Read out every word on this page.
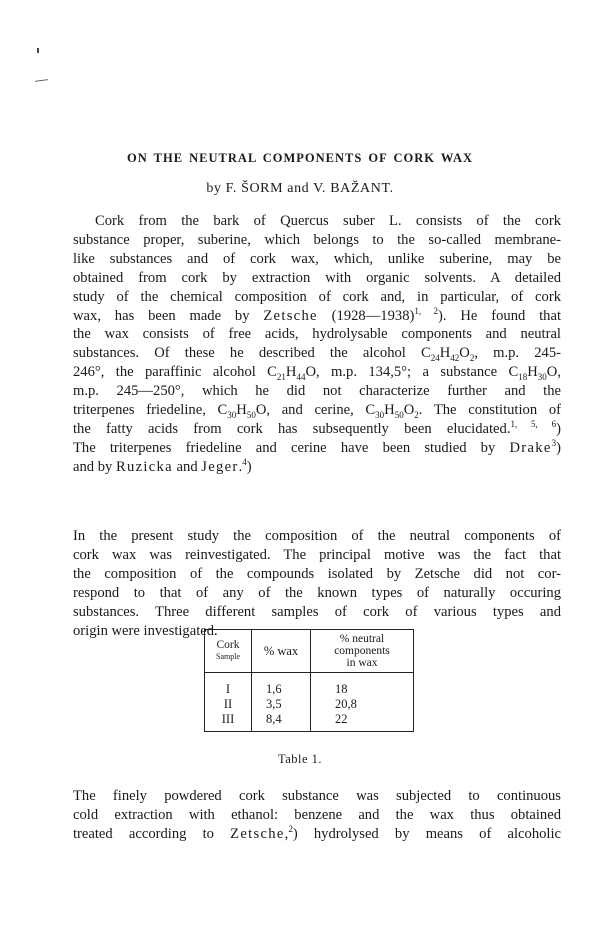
ON THE NEUTRAL COMPONENTS OF CORK WAX
by F. ŠORM and V. BAŽANT.
Cork from the bark of Quercus suber L. consists of the cork
substance proper, suberine, which belongs to the so-called membrane-
like substances and of cork wax, which, unlike suberine, may be
obtained from cork by extraction with organic solvents. A detailed
study of the chemical composition of cork and, in particular, of cork
wax, has been made by Zetsche (1928—1938)$^{1, 2}$). He found that
the wax consists of free acids, hydrolysable components and neutral
substances. Of these he described the alcohol $C_{24}H_{42}O_2$, m.p. 245-
246°, the paraffinic alcohol $C_{21}H_{44}O$, m.p. 134,5°; a substance $C_{18}H_{30}O$,
m.p. 245—250°, which he did not characterize further and the
triterpenes friedeline, $C_{30}H_{50}O$, and cerine, $C_{30}H_{50}O_2$. The constitution of
the fatty acids from cork has subsequently been elucidated.$^{1, 5, 6}$)
The triterpenes friedeline and cerine have been studied by Drake$^3$)
and by Ruzicka and Jeger.$^4$)
In the present study the composition of the neutral components of
cork wax was reinvestigated. The principal motive was the fact that
the composition of the compounds isolated by Zetsche did not cor-
respond to that of any of the known types of naturally occuring
substances. Three different samples of cork of various types and
origin were investigated.
Cork
Sample	% wax	% neutral
components
in wax

I	1,6	18
II	3,5	20,8
III	8,4	22
Table 1.
The finely powdered cork substance was subjected to continuous
cold extraction with ethanol: benzene and the wax thus obtained
treated according to Zetsche,$^2$) hydrolysed by means of alcoholic
